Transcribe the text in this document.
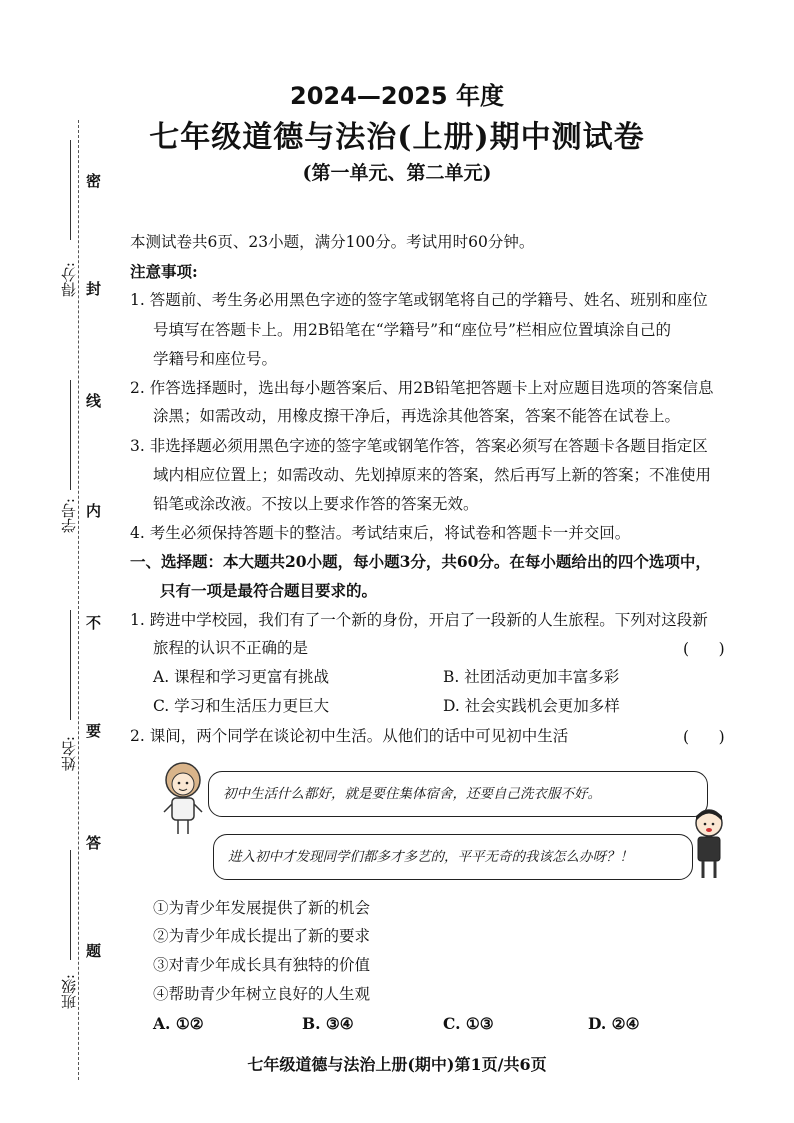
密
封
线
内
不
要
答
题
得分:
学号:
姓名:
班级:
2024—2025 年度
七年级道德与法治(上册)期中测试卷
(第一单元、第二单元)
本测试卷共6页、23小题，满分100分。考试用时60分钟。
注意事项:
1. 答题前、考生务必用黑色字迹的签字笔或钢笔将自己的学籍号、姓名、班别和座位
号填写在答题卡上。用2B铅笔在“学籍号”和“座位号”栏相应位置填涂自己的
学籍号和座位号。
2. 作答选择题时，选出每小题答案后、用2B铅笔把答题卡上对应题目选项的答案信息
涂黑；如需改动，用橡皮擦干净后，再选涂其他答案，答案不能答在试卷上。
3. 非选择题必须用黑色字迹的签字笔或钢笔作答，答案必须写在答题卡各题目指定区
域内相应位置上；如需改动、先划掉原来的答案，然后再写上新的答案；不准使用
铅笔或涂改液。不按以上要求作答的答案无效。
4. 考生必须保持答题卡的整洁。考试结束后，将试卷和答题卡一并交回。
一、选择题：本大题共20小题，每小题3分，共60分。在每小题给出的四个选项中，
只有一项是最符合题目要求的。
1. 跨进中学校园，我们有了一个新的身份，开启了一段新的人生旅程。下列对这段新
旅程的认识不正确的是	(      )
A. 课程和学习更富有挑战	B. 社团活动更加丰富多彩
C. 学习和生活压力更巨大	D. 社会实践机会更加多样
2. 课间，两个同学在谈论初中生活。从他们的话中可见初中生活	(      )
初中生活什么都好，就是要住集体宿舍，还要自己洗衣服不好。
进入初中才发现同学们都多才多艺的，平平无奇的我该怎么办呀？！
①为青少年发展提供了新的机会
②为青少年成长提出了新的要求
③对青少年成长具有独特的价值
④帮助青少年树立良好的人生观
A. ①②	B. ③④	C. ①③	D. ②④
七年级道德与法治上册(期中)第1页/共6页
